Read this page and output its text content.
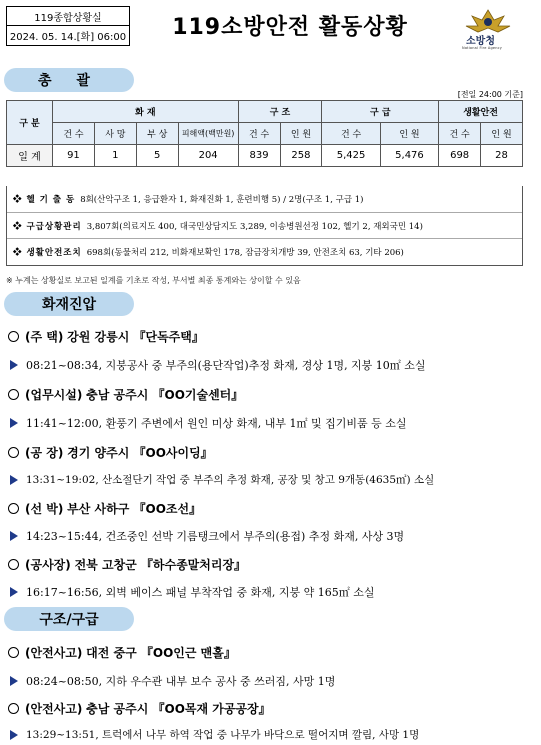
119종합상황실
2024. 05. 14.[화] 06:00	119소방안전 활동상황
소방청
National Fire Agency
총 괄
[전일 24:00 기준]
구 분	화 재				구 조		구 급		생활안전	
	건 수	사 망	부 상	피해액(백만원)	건 수	인 원	건 수	인 원	건 수	인 원
일 계	91	1	5	204	839	258	5,425	5,476	698	28
❖ 헬 기 출 동 8회(산악구조 1, 응급환자 1, 화재진화 1, 훈련비행 5) / 2명(구조 1, 구급 1)
❖ 구급상황관리 3,807회(의료지도 400, 대국민상담지도 3,289, 이송병원선정 102, 헬기 2, 재외국민 14)
❖ 생활안전조치 698회(동물처리 212, 비화재보확인 178, 잠금장치개방 39, 안전조치 63, 기타 206)
※ 누계는 상황실로 보고된 일계를 기초로 작성, 부서별 최종 통계와는 상이할 수 있음
화재진압
(주 택)
강원 강릉시 『단독주택』
08:21~08:34, 지붕공사 중 부주의(용단작업)추정 화재, 경상 1명, 지붕 10㎡ 소실
(업무시설)
충남 공주시 『OO기술센터』
11:41~12:00, 환풍기 주변에서 원인 미상 화재, 내부 1㎡ 및 집기비품 등 소실
(공 장)
경기 양주시 『OO사이딩』
13:31~19:02, 산소절단기 작업 중 부주의 추정 화재, 공장 및 창고 9개동(4635㎡) 소실
(선 박)
부산 사하구 『OO조선』
14:23~15:44, 건조중인 선박 기름탱크에서 부주의(용접) 추정 화재, 사상 3명
(공사장)
전북 고창군 『하수종말처리장』
16:17~16:56, 외벽 베이스 패널 부착작업 중 화재, 지붕 약 165㎡ 소실
구조/구급
(안전사고)
대전 중구 『OO인근 맨홀』
08:24~08:50, 지하 우수관 내부 보수 공사 중 쓰러짐, 사망 1명
(안전사고)
충남 공주시 『OO목재 가공공장』
13:29~13:51, 트럭에서 나무 하역 작업 중 나무가 바닥으로 떨어지며 깔림, 사망 1명
